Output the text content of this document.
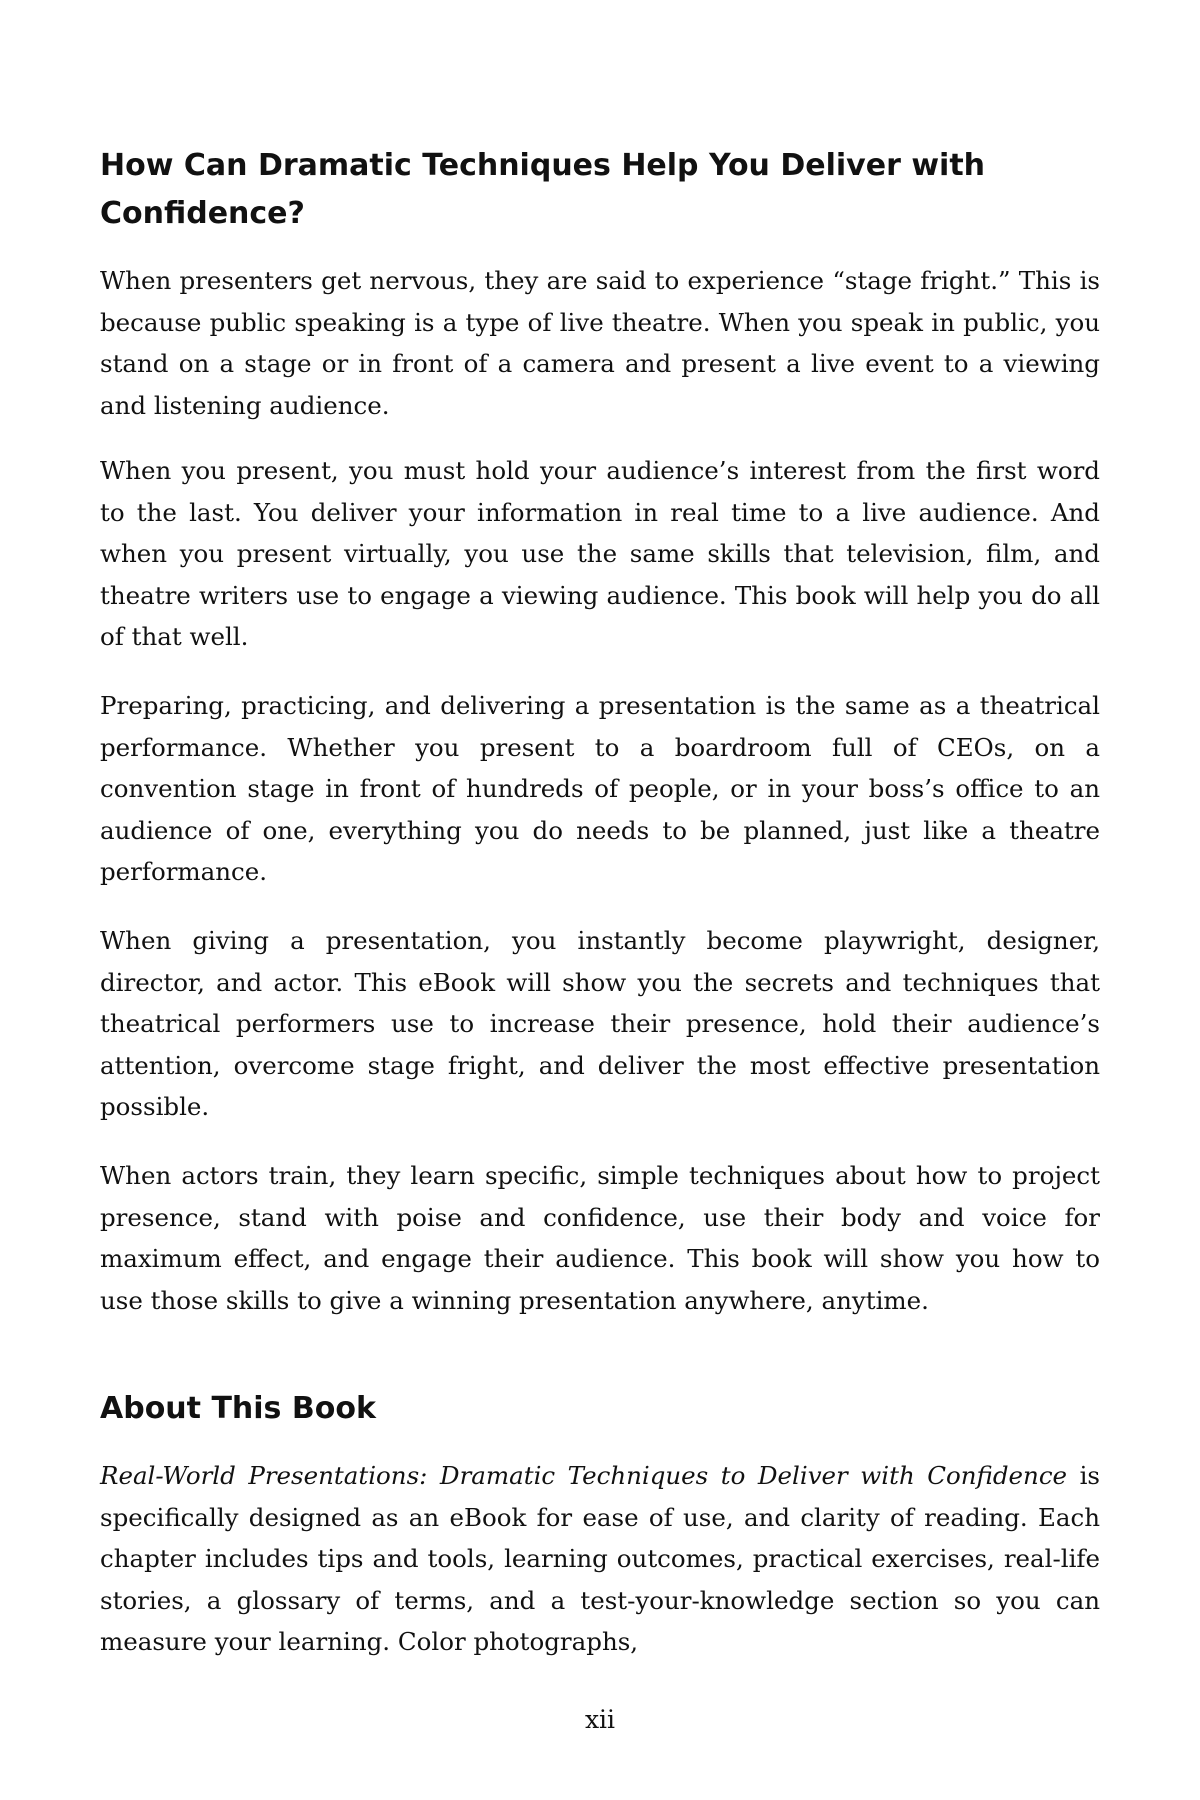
How Can Dramatic Techniques Help You Deliver with Confidence?

When presenters get nervous, they are said to experience “stage fright.” This is because public speaking is a type of live theatre. When you speak in public, you stand on a stage or in front of a camera and present a live event to a viewing and listening audience.

When you present, you must hold your audience’s interest from the first word to the last. You deliver your information in real time to a live audience. And when you present virtually, you use the same skills that television, film, and theatre writers use to engage a viewing audience. This book will help you do all of that well.

Preparing, practicing, and delivering a presentation is the same as a theatrical performance. Whether you present to a boardroom full of CEOs, on a convention stage in front of hundreds of people, or in your boss’s office to an audience of one, everything you do needs to be planned, just like a theatre performance.

When giving a presentation, you instantly become playwright, designer, director, and actor. This eBook will show you the secrets and techniques that theatrical performers use to increase their presence, hold their audience’s attention, overcome stage fright, and deliver the most effective presentation possible.

When actors train, they learn specific, simple techniques about how to project presence, stand with poise and confidence, use their body and voice for maximum effect, and engage their audience. This book will show you how to use those skills to give a winning presentation anywhere, anytime.

About This Book

Real-World Presentations: Dramatic Techniques to Deliver with Confidence is specifically designed as an eBook for ease of use, and clarity of reading. Each chapter includes tips and tools, learning outcomes, practical exercises, real-life stories, a glossary of terms, and a test-your-knowledge section so you can measure your learning. Color photographs,

xii
